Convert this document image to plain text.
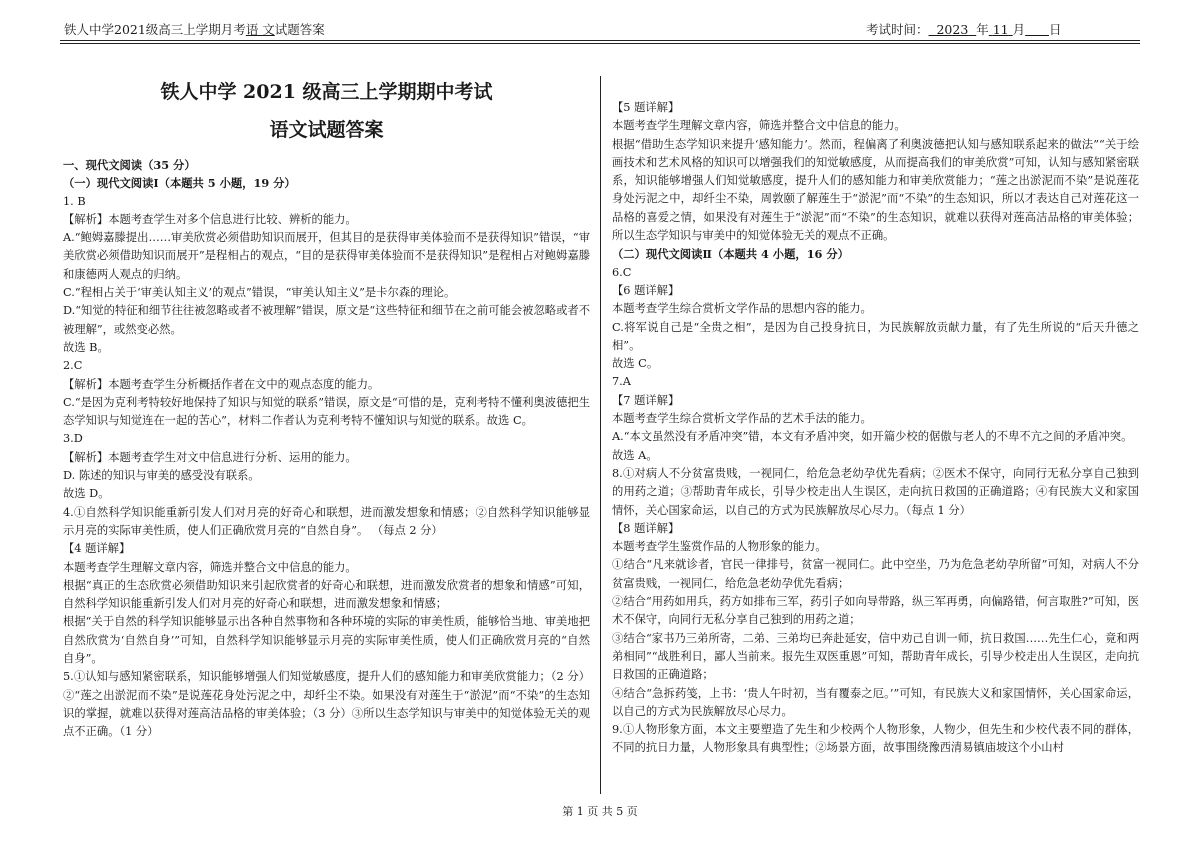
铁人中学2021级高三上学期月考语 文试题答案	考试时间： 2023 年 11 月 日

铁人中学 2021 级高三上学期期中考试

语文试题答案

一、现代文阅读（35 分）

（一）现代文阅读Ⅰ（本题共 5 小题，19 分）

1. B

【解析】本题考查学生对多个信息进行比较、辨析的能力。

A.“鲍姆嘉滕提出……审美欣赏必须借助知识而展开，但其目的是获得审美体验而不是获得知识”错误，“审美欣赏必须借助知识而展开”是程相占的观点，“目的是获得审美体验而不是获得知识”是程相占对鲍姆嘉滕和康德两人观点的归纳。

C.“程相占关于‘审美认知主义’的观点”错误，“审美认知主义”是卡尔森的理论。

D.“知觉的特征和细节往往被忽略或者不被理解”错误，原文是“这些特征和细节在之前可能会被忽略或者不被理解”，或然变必然。

故选 B。

2.C

【解析】本题考查学生分析概括作者在文中的观点态度的能力。

C.“是因为克利考特较好地保持了知识与知觉的联系”错误，原文是“可惜的是，克利考特不懂利奥波德把生态学知识与知觉连在一起的苦心”，材料二作者认为克利考特不懂知识与知觉的联系。故选 C。

3.D

【解析】本题考查学生对文中信息进行分析、运用的能力。

D. 陈述的知识与审美的感受没有联系。

故选 D。

4.①自然科学知识能重新引发人们对月亮的好奇心和联想，进而激发想象和情感；②自然科学知识能够显示月亮的实际审美性质，使人们正确欣赏月亮的“自然自身”。 （每点 2 分）

【4 题详解】

本题考查学生理解文章内容，筛选并整合文中信息的能力。

根据“真正的生态欣赏必须借助知识来引起欣赏者的好奇心和联想，进而激发欣赏者的想象和情感”可知，自然科学知识能重新引发人们对月亮的好奇心和联想，进而激发想象和情感；

根据“关于自然的科学知识能够显示出各种自然事物和各种环境的实际的审美性质，能够恰当地、审美地把自然欣赏为‘自然自身’”可知，自然科学知识能够显示月亮的实际审美性质，使人们正确欣赏月亮的“自然自身”。

5.①认知与感知紧密联系，知识能够增强人们知觉敏感度，提升人们的感知能力和审美欣赏能力；（2 分）②“莲之出淤泥而不染”是说莲花身处污泥之中，却纤尘不染。如果没有对莲生于“淤泥”而“不染”的生态知识的掌握，就难以获得对莲高洁品格的审美体验；（3 分）③所以生态学知识与审美中的知觉体验无关的观点不正确。（1 分）

【5 题详解】

本题考查学生理解文章内容，筛选并整合文中信息的能力。

根据“借助生态学知识来提升‘感知能力’。然而，程偏离了利奥波德把认知与感知联系起来的做法”“关于绘画技术和艺术风格的知识可以增强我们的知觉敏感度，从而提高我们的审美欣赏”可知，认知与感知紧密联系，知识能够增强人们知觉敏感度，提升人们的感知能力和审美欣赏能力；“莲之出淤泥而不染”是说莲花身处污泥之中，却纤尘不染，周敦颐了解莲生于“淤泥”而“不染”的生态知识，所以才表达自己对莲花这一品格的喜爱之情，如果没有对莲生于“淤泥”而“不染”的生态知识，就难以获得对莲高洁品格的审美体验；所以生态学知识与审美中的知觉体验无关的观点不正确。

（二）现代文阅读Ⅱ（本题共 4 小题，16 分）

6.C

【6 题详解】

本题考查学生综合赏析文学作品的思想内容的能力。

C.将军说自己是“全贵之相”，是因为自己投身抗日，为民族解放贡献力量，有了先生所说的“后天升德之相”。

故选 C。

7.A

【7 题详解】

本题考查学生综合赏析文学作品的艺术手法的能力。

A.“本文虽然没有矛盾冲突”错，本文有矛盾冲突，如开篇少校的倨傲与老人的不卑不亢之间的矛盾冲突。

故选 A。

8.①对病人不分贫富贵贱，一视同仁，给危急老幼孕优先看病；②医术不保守，向同行无私分享自己独到的用药之道；③帮助青年成长，引导少校走出人生误区，走向抗日救国的正确道路；④有民族大义和家国情怀，关心国家命运，以自己的方式为民族解放尽心尽力。（每点 1 分）

【8 题详解】

本题考查学生鉴赏作品的人物形象的能力。

①结合“凡来就诊者，官民一律排号，贫富一视同仁。此中空坐，乃为危急老幼孕所留”可知，对病人不分贫富贵贱，一视同仁，给危急老幼孕优先看病；

②结合“用药如用兵，药方如排布三军，药引子如向导带路，纵三军再勇，向偏路错，何言取胜?”可知，医术不保守，向同行无私分享自己独到的用药之道；

③结合“家书乃三弟所寄，二弟、三弟均已奔赴延安，信中劝己自训一师，抗日救国……先生仁心，竟和两弟相同”“战胜利日，鄙人当前来。报先生双医重恩”可知，帮助青年成长，引导少校走出人生误区，走向抗日救国的正确道路；

④结合“急拆药笺，上书：‘贵人午时初，当有覆泰之厄。’”可知，有民族大义和家国情怀，关心国家命运，以自己的方式为民族解放尽心尽力。

9.①人物形象方面，本文主要塑造了先生和少校两个人物形象，人物少，但先生和少校代表不同的群体，不同的抗日力量，人物形象具有典型性；②场景方面，故事围绕豫西清易镇庙坡这个小山村

第 1 页 共 5 页
